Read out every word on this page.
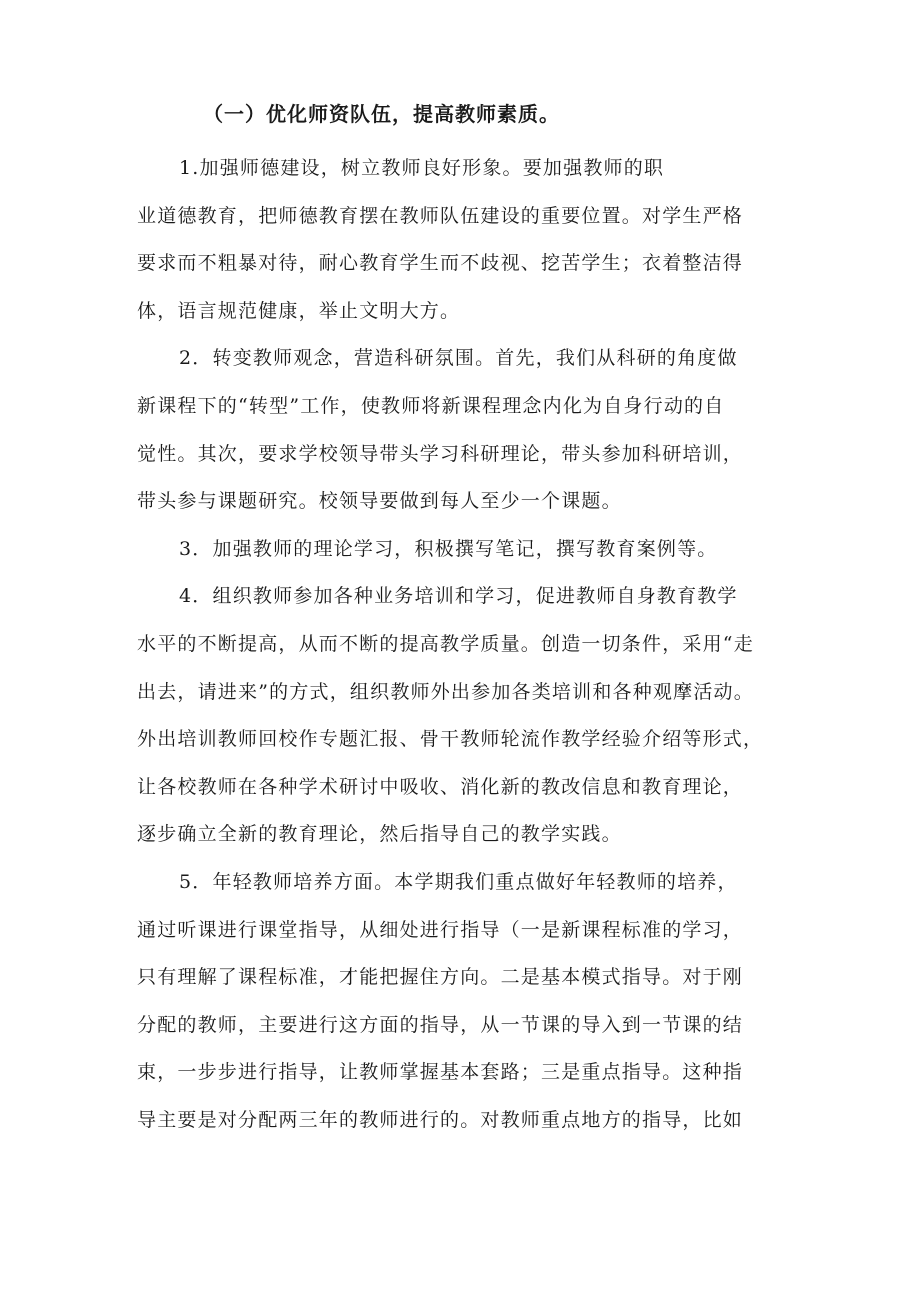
（一）优化师资队伍，提高教师素质。
1.加强师德建设，树立教师良好形象。要加强教师的职
业道德教育，把师德教育摆在教师队伍建设的重要位置。对学生严格
要求而不粗暴对待，耐心教育学生而不歧视、挖苦学生；衣着整洁得
体，语言规范健康，举止文明大方。
2．转变教师观念，营造科研氛围。首先，我们从科研的角度做
新课程下的“转型”工作，使教师将新课程理念内化为自身行动的自
觉性。其次，要求学校领导带头学习科研理论，带头参加科研培训，
带头参与课题研究。校领导要做到每人至少一个课题。
3．加强教师的理论学习，积极撰写笔记，撰写教育案例等。
4．组织教师参加各种业务培训和学习，促进教师自身教育教学
水平的不断提高，从而不断的提高教学质量。创造一切条件，采用“走
出去，请进来”的方式，组织教师外出参加各类培训和各种观摩活动。
外出培训教师回校作专题汇报、骨干教师轮流作教学经验介绍等形式，
让各校教师在各种学术研讨中吸收、消化新的教改信息和教育理论，
逐步确立全新的教育理论，然后指导自己的教学实践。
5．年轻教师培养方面。本学期我们重点做好年轻教师的培养，
通过听课进行课堂指导，从细处进行指导（一是新课程标准的学习，
只有理解了课程标准，才能把握住方向。二是基本模式指导。对于刚
分配的教师，主要进行这方面的指导，从一节课的导入到一节课的结
束，一步步进行指导，让教师掌握基本套路；三是重点指导。这种指
导主要是对分配两三年的教师进行的。对教师重点地方的指导，比如
